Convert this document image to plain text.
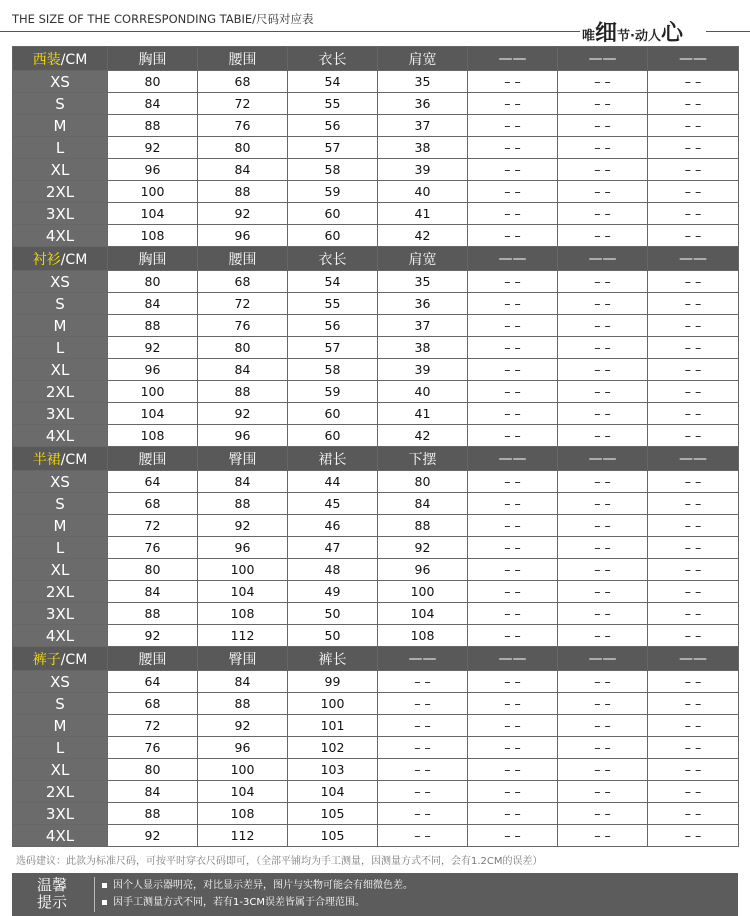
THE SIZE OF THE CORRESPONDING TABIE/尺码对应表
唯细节·动人心
西装/CM	胸围	腰围	衣长	肩宽	——	——	——
XS	80	68	54	35	– –	– –	– –
S	84	72	55	36	– –	– –	– –
M	88	76	56	37	– –	– –	– –
L	92	80	57	38	– –	– –	– –
XL	96	84	58	39	– –	– –	– –
2XL	100	88	59	40	– –	– –	– –
3XL	104	92	60	41	– –	– –	– –
4XL	108	96	60	42	– –	– –	– –
衬衫/CM	胸围	腰围	衣长	肩宽	——	——	——
XS	80	68	54	35	– –	– –	– –
S	84	72	55	36	– –	– –	– –
M	88	76	56	37	– –	– –	– –
L	92	80	57	38	– –	– –	– –
XL	96	84	58	39	– –	– –	– –
2XL	100	88	59	40	– –	– –	– –
3XL	104	92	60	41	– –	– –	– –
4XL	108	96	60	42	– –	– –	– –
半裙/CM	腰围	臀围	裙长	下摆	——	——	——
XS	64	84	44	80	– –	– –	– –
S	68	88	45	84	– –	– –	– –
M	72	92	46	88	– –	– –	– –
L	76	96	47	92	– –	– –	– –
XL	80	100	48	96	– –	– –	– –
2XL	84	104	49	100	– –	– –	– –
3XL	88	108	50	104	– –	– –	– –
4XL	92	112	50	108	– –	– –	– –
裤子/CM	腰围	臀围	裤长	——	——	——	——
XS	64	84	99	– –	– –	– –	– –
S	68	88	100	– –	– –	– –	– –
M	72	92	101	– –	– –	– –	– –
L	76	96	102	– –	– –	– –	– –
XL	80	100	103	– –	– –	– –	– –
2XL	84	104	104	– –	– –	– –	– –
3XL	88	108	105	– –	– –	– –	– –
4XL	92	112	105	– –	– –	– –	– –
选码建议：此款为标准尺码，可按平时穿衣尺码即可，（全部平铺均为手工测量，因测量方式不同，会有1.2CM的误差）
温馨
提示
因个人显示器明亮，对比显示差异，图片与实物可能会有细微色差。
因手工测量方式不同，若有1-3CM误差皆属于合理范围。
